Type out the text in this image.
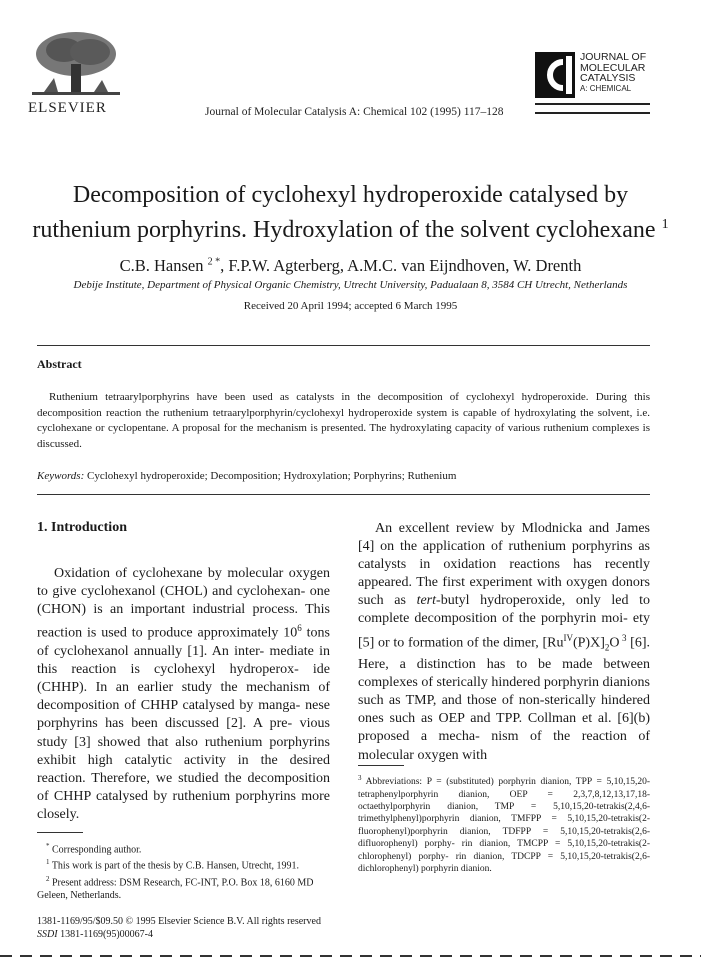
ELSEVIER	Journal of Molecular Catalysis A: Chemical 102 (1995) 117–128
JOURNAL OF
MOLECULAR
CATALYSIS
A: CHEMICAL
Decomposition of cyclohexyl hydroperoxide catalysed by
ruthenium porphyrins. Hydroxylation of the solvent cyclohexane $^1$
C.B. Hansen $^{2 *}$, F.P.W. Agterberg, A.M.C. van Eijndhoven, W. Drenth
Debije Institute, Department of Physical Organic Chemistry, Utrecht University, Padualaan 8, 3584 CH Utrecht, Netherlands
Received 20 April 1994; accepted 6 March 1995
Abstract
Ruthenium tetraarylporphyrins have been used as catalysts in the decomposition of cyclohexyl hydroperoxide. During this decomposition reaction the ruthenium tetraarylporphyrin/cyclohexyl hydroperoxide system is capable of hydroxylating the solvent, i.e. cyclohexane or cyclopentane. A proposal for the mechanism is presented. The hydroxylating capacity of various ruthenium complexes is discussed.
Keywords: Cyclohexyl hydroperoxide; Decomposition; Hydroxylation; Porphyrins; Ruthenium
1. Introduction
Oxidation of cyclohexane by molecular oxygen to give cyclohexanol (CHOL) and cyclohexan- one (CHON) is an important industrial process. This reaction is used to produce approximately $10^6$ tons of cyclohexanol annually [1]. An inter- mediate in this reaction is cyclohexyl hydroperox- ide (CHHP). In an earlier study the mechanism of decomposition of CHHP catalysed by manga- nese porphyrins has been discussed [2]. A pre- vious study [3] showed that also ruthenium porphyrins exhibit high catalytic activity in the desired reaction. Therefore, we studied the decomposition of CHHP catalysed by ruthenium porphyrins more closely.

* Corresponding author.

$^1$ This work is part of the thesis by C.B. Hansen, Utrecht, 1991.

$^2$ Present address: DSM Research, FC-INT, P.O. Box 18, 6160 MD Geleen, Netherlands.

An excellent review by Mlodnicka and James [4] on the application of ruthenium porphyrins as catalysts in oxidation reactions has recently appeared. The first experiment with oxygen donors such as tert-butyl hydroperoxide, only led to complete decomposition of the porphyrin moi- ety [5] or to formation of the dimer, $[Ru^{IV}(P)X]_2O$ $^3$ [6]. Here, a distinction has to be made between complexes of sterically hindered porphyrin dianions such as TMP, and those of non-sterically hindered ones such as OEP and TPP. Collman et al. [6](b) proposed a mecha- nism of the reaction of molecular oxygen with
$^3$ Abbreviations: P = (substituted) porphyrin dianion, TPP = 5,10,15,20-tetraphenylporphyrin dianion, OEP = 2,3,7,8,12,13,17,18-octaethylporphyrin dianion, TMP = 5,10,15,20-tetrakis(2,4,6-trimethylphenyl)porphyrin dianion, TMFPP = 5,10,15,20-tetrakis(2-fluorophenyl)porphyrin dianion, TDFPP = 5,10,15,20-tetrakis(2,6-difluorophenyl) porphy- rin dianion, TMCPP = 5,10,15,20-tetrakis(2-chlorophenyl) porphy- rin dianion, TDCPP = 5,10,15,20-tetrakis(2,6-dichlorophenyl) porphyrin dianion.
1381-1169/95/$09.50 © 1995 Elsevier Science B.V. All rights reserved
SSDI 1381-1169(95)00067-4
